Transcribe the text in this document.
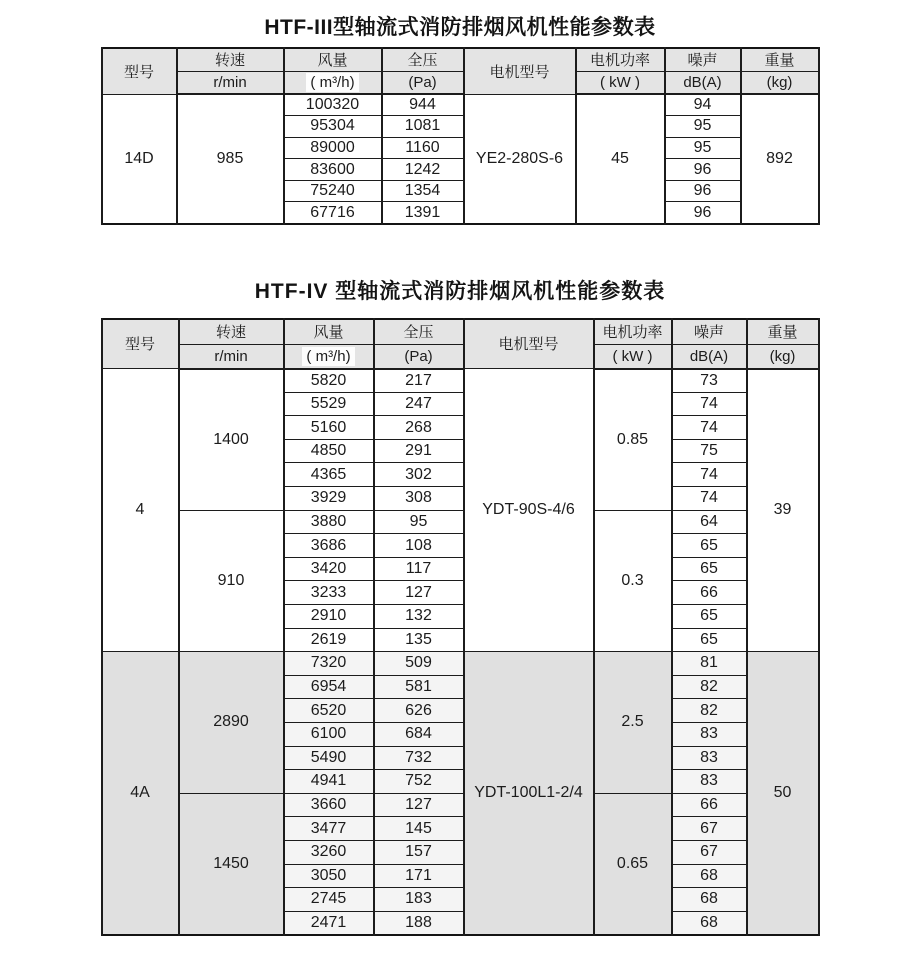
HTF-III型轴流式消防排烟风机性能参数表
型号	转速	风量	全压	电机型号	电机功率	噪声	重量
	r/min	( m³/h)	(Pa)		( kW )	dB(A)	(kg)
14D	985	100320	944	YE2-280S-6	45	94	892
		95304	1081			95	
		89000	1160			95	
		83600	1242			96	
		75240	1354			96	
		67716	1391			96	
HTF-IV 型轴流式消防排烟风机性能参数表
型号	转速	风量	全压	电机型号	电机功率	噪声	重量
	r/min	( m³/h)	(Pa)		( kW )	dB(A)	(kg)
4	1400	5820	217	YDT-90S-4/6	0.85	73	39
		5529	247			74	
		5160	268			74	
		4850	291			75	
		4365	302			74	
		3929	308			74	
	910	3880	95		0.3	64	
		3686	108			65	
		3420	117			65	
		3233	127			66	
		2910	132			65	
		2619	135			65	
4A	2890	7320	509	YDT-100L1-2/4	2.5	81	50
		6954	581			82	
		6520	626			82	
		6100	684			83	
		5490	732			83	
		4941	752			83	
	1450	3660	127		0.65	66	
		3477	145			67	
		3260	157			67	
		3050	171			68	
		2745	183			68	
		2471	188			68	
